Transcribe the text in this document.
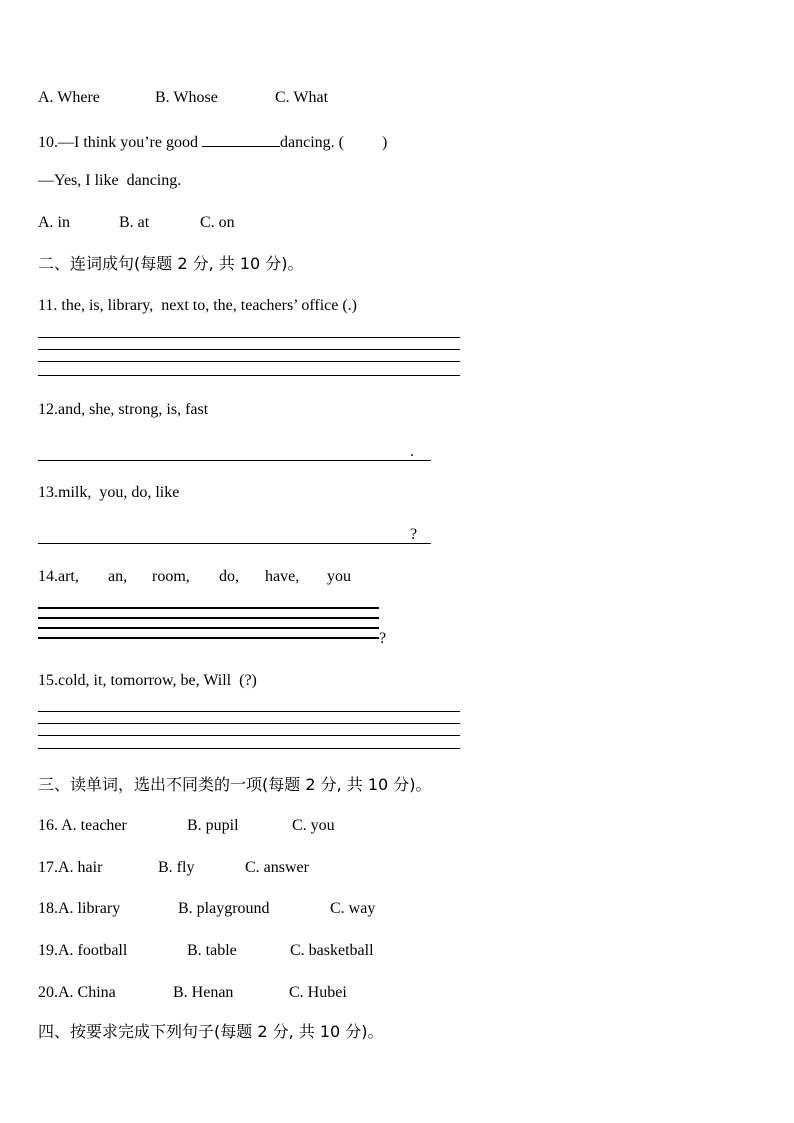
A. Where	B. Whose	C. What
10.—I think you’re good	dancing. ( )
—Yes, I like  dancing.
A. in	B. at	C. on
二、连词成句(每题 2 分, 共 10 分)。
11. the, is, library,  next to, the, teachers’ office (.)
12.and, she, strong, is, fast
.
13.milk,  you, do, like
?
14.art, an, room, do, have, you
?
15.cold, it, tomorrow, be, Will  (?)
三、读单词，选出不同类的一项(每题 2 分, 共 10 分)。
16. A. teacher	B. pupil	C. you
17.A. hair	B. fly	C. answer
18.A. library	B. playground	C. way
19.A. football	B. table	C. basketball
20.A. China	B. Henan	C. Hubei
四、按要求完成下列句子(每题 2 分, 共 10 分)。
